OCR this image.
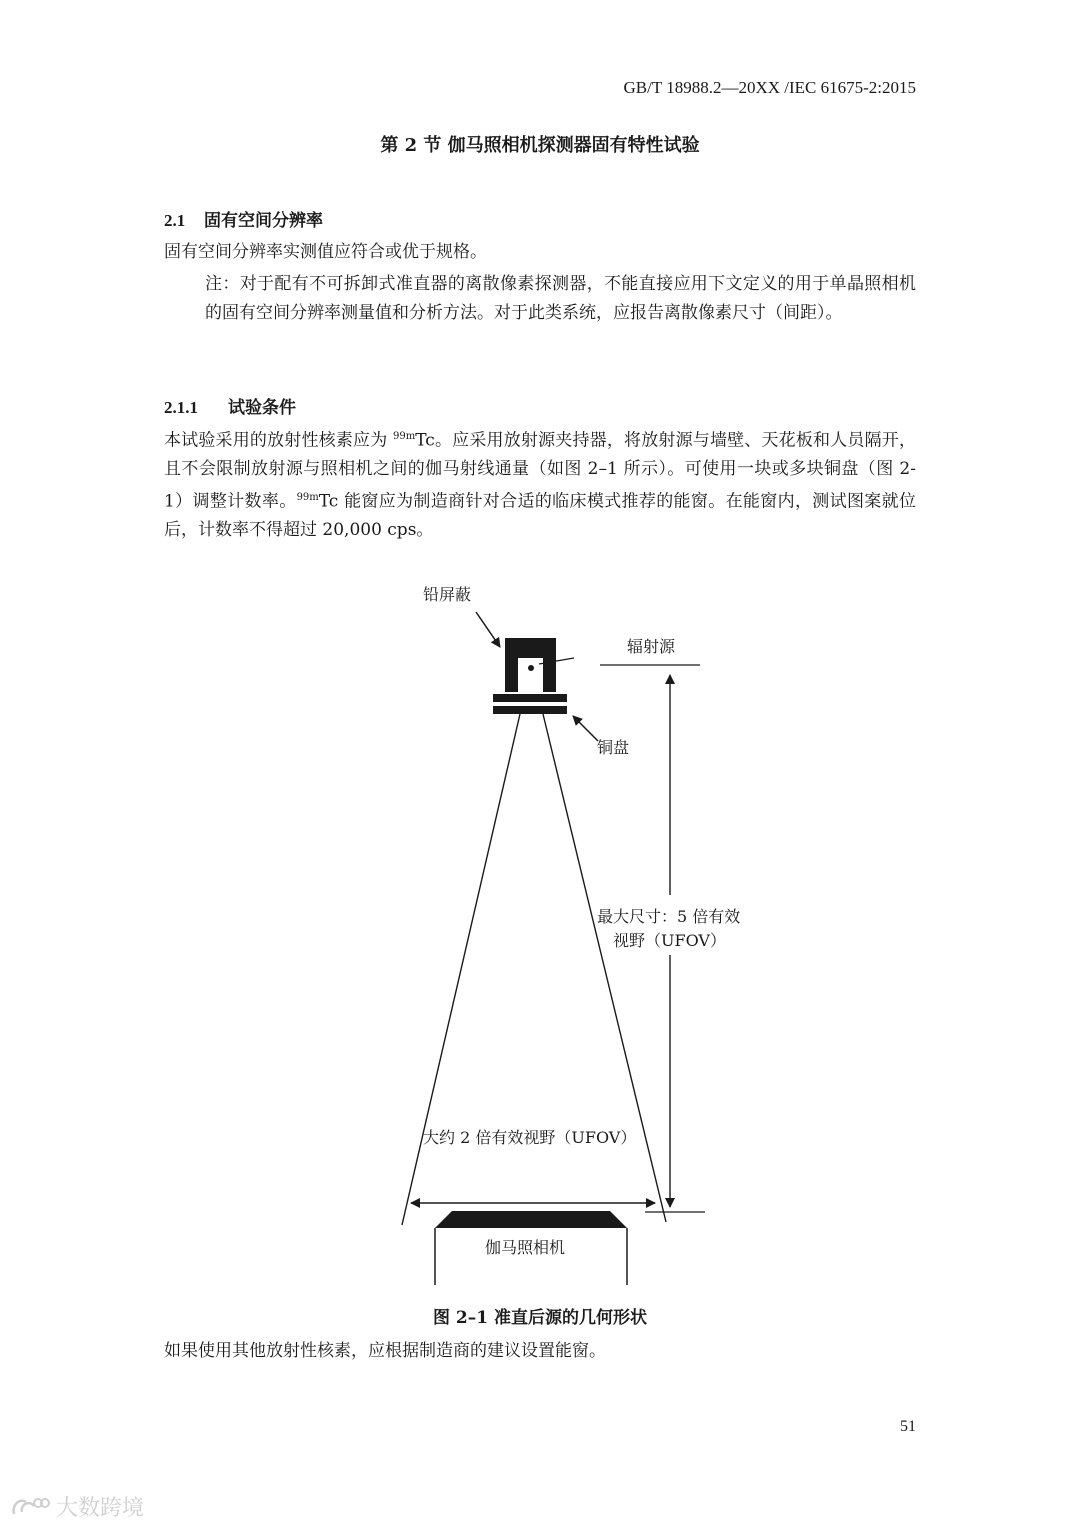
GB/T 18988.2—20XX /IEC 61675-2:2015
第 2 节 伽马照相机探测器固有特性试验
2.1 固有空间分辨率
固有空间分辨率实测值应符合或优于规格。
注：对于配有不可拆卸式准直器的离散像素探测器，不能直接应用下文定义的用于单晶照相机的固有空间分辨率测量值和分析方法。对于此类系统，应报告离散像素尺寸（间距）。
2.1.1 试验条件
本试验采用的放射性核素应为 $^{99m}$Tc。应采用放射源夹持器，将放射源与墙壁、天花板和人员隔开，且不会限制放射源与照相机之间的伽马射线通量（如图 2–1 所示）。可使用一块或多块铜盘（图 2-1）调整计数率。$^{99m}$Tc 能窗应为制造商针对合适的临床模式推荐的能窗。在能窗内，测试图案就位后，计数率不得超过 20,000 cps。
铅屏蔽
辐射源
铜盘
最大尺寸：5 倍有效
视野（UFOV）
大约 2 倍有效视野（UFOV）
伽马照相机
图 2–1 准直后源的几何形状
如果使用其他放射性核素，应根据制造商的建议设置能窗。
51
大数跨境
